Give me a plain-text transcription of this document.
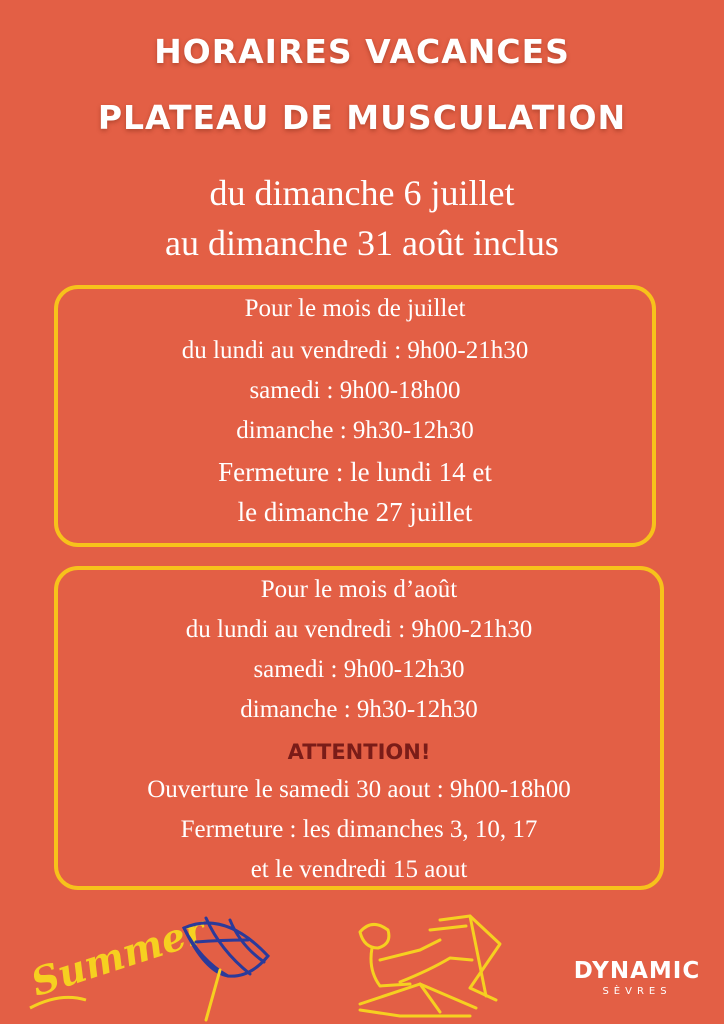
HORAIRES VACANCES
PLATEAU DE MUSCULATION
du dimanche 6 juillet
au dimanche 31 août inclus
Pour le mois de juillet
du lundi au vendredi : 9h00-21h30
samedi : 9h00-18h00
dimanche : 9h30-12h30
Fermeture : le lundi 14 et
le dimanche 27 juillet
Pour le mois d’août
du lundi au vendredi : 9h00-21h30
samedi : 9h00-12h30
dimanche : 9h30-12h30
ATTENTION!
Ouverture le samedi 30 aout : 9h00-18h00
Fermeture : les dimanches 3, 10, 17
et le vendredi 15 aout
Summer	DYNAMIC
SÈVRES
